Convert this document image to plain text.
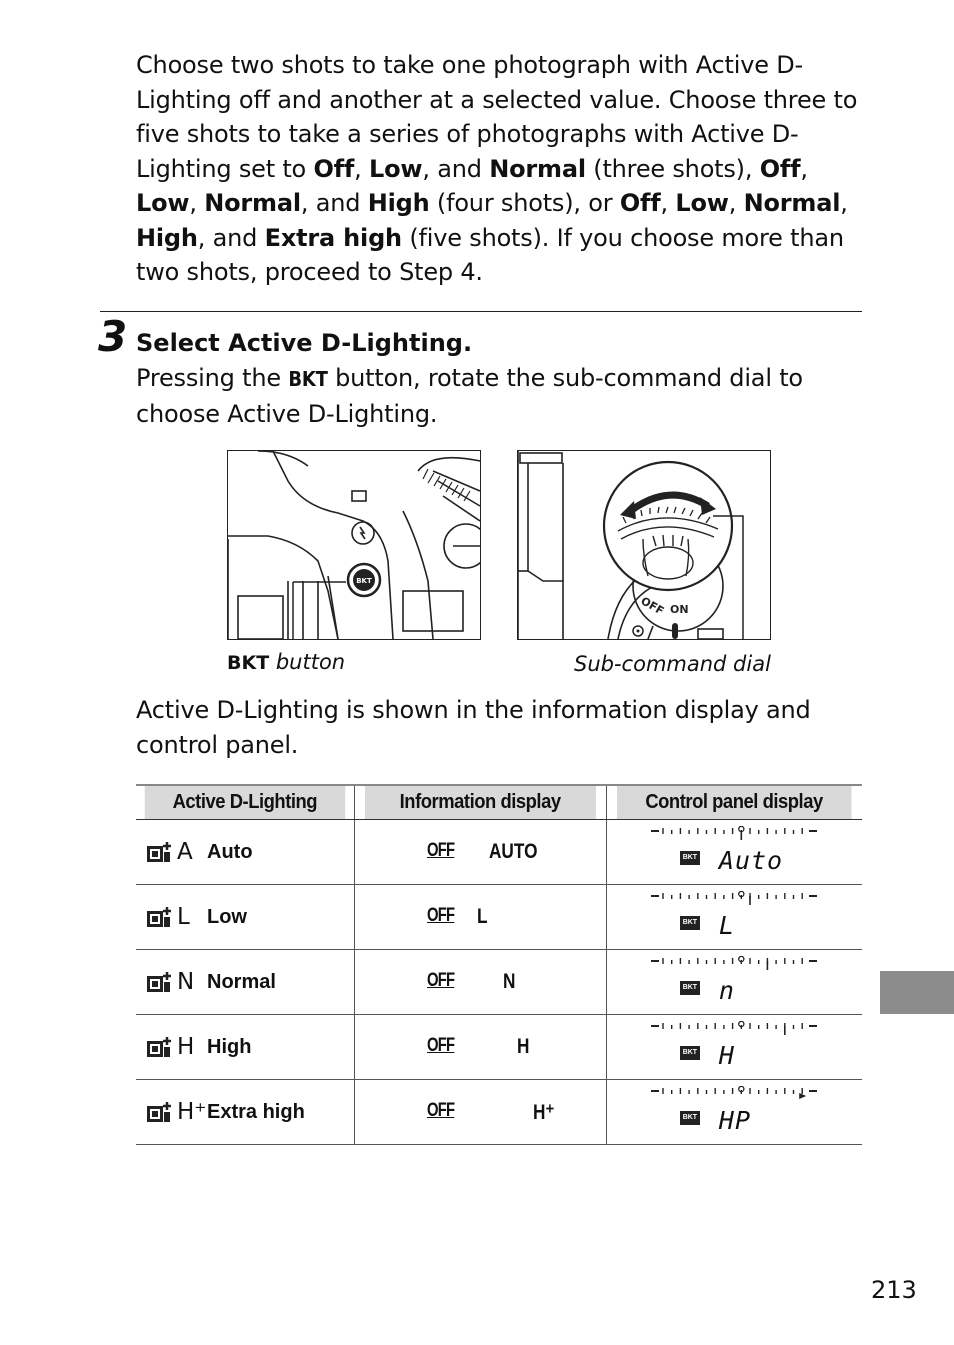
Choose two shots to take one photograph with Active D-Lighting off and another at a selected value. Choose three to five shots to take a series of photographs with Active D-Lighting set to Off, Low, and Normal (three shots), Off, Low, Normal, and High (four shots), or Off, Low, Normal, High, and Extra high (five shots). If you choose more than two shots, proceed to Step 4.
3 Select Active D-Lighting.
Pressing the BKT button, rotate the sub-command dial to choose Active D-Lighting.
BKT
OFF ON
BKT button	Sub-command dial
Active D-Lighting is shown in the information display and control panel.
Active D-Lighting	Information display	Control panel display

A Auto	OFF AUTO	BKT Auto

L Low	OFF L	BKT L

N Normal	OFF N	BKT n

H High	OFF H	BKT H

H⁺ Extra high	OFF H⁺	BKT HP
213
